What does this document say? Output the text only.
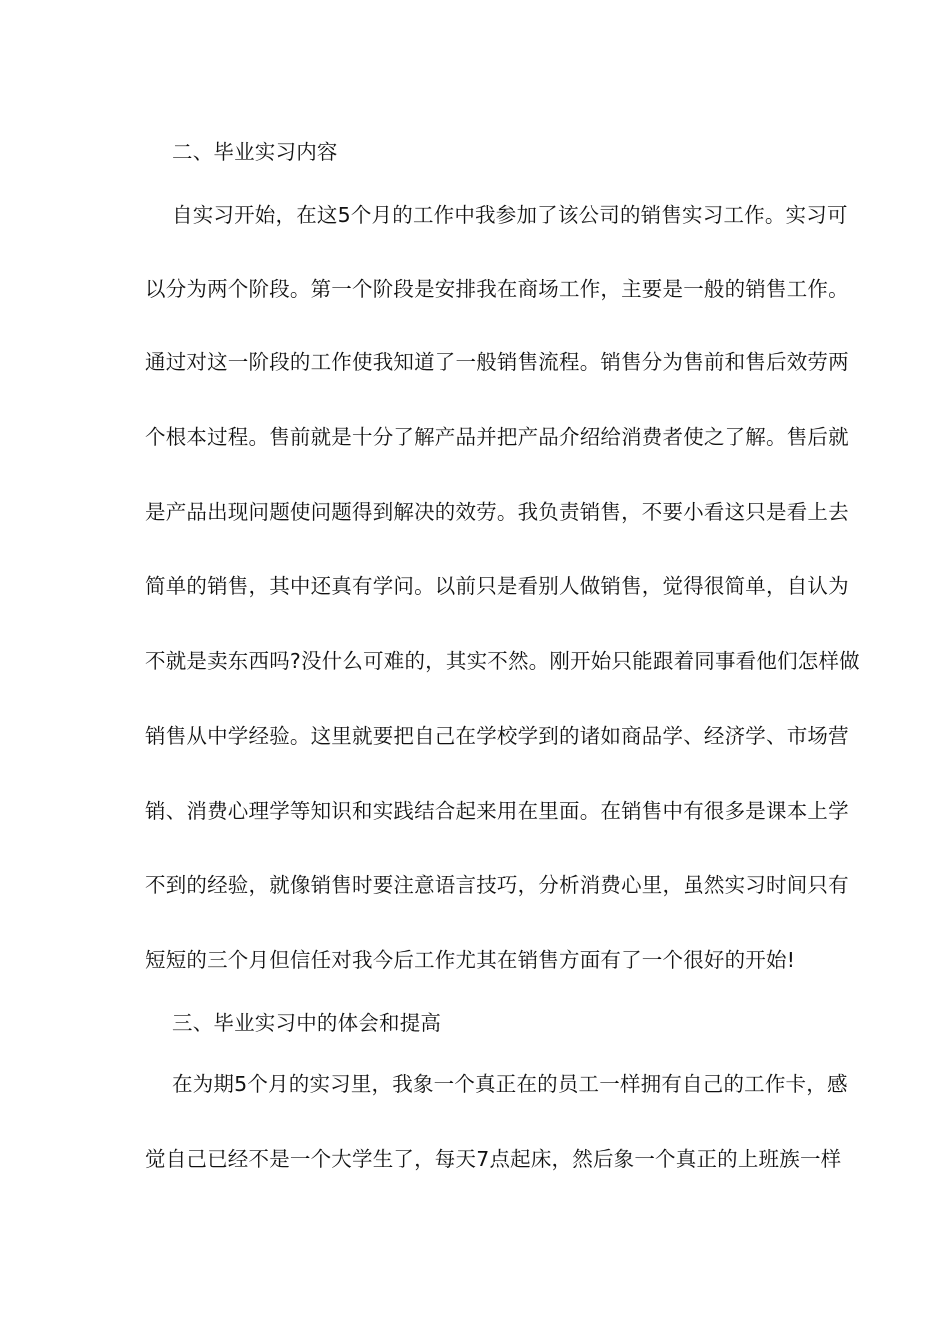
二、毕业实习内容
自实习开始，在这5个月的工作中我参加了该公司的销售实习工作。实习可
以分为两个阶段。第一个阶段是安排我在商场工作，主要是一般的销售工作。
通过对这一阶段的工作使我知道了一般销售流程。销售分为售前和售后效劳两
个根本过程。售前就是十分了解产品并把产品介绍给消费者使之了解。售后就
是产品出现问题使问题得到解决的效劳。我负责销售，不要小看这只是看上去
简单的销售，其中还真有学问。以前只是看别人做销售，觉得很简单，自认为
不就是卖东西吗?没什么可难的，其实不然。刚开始只能跟着同事看他们怎样做
销售从中学经验。这里就要把自己在学校学到的诸如商品学、经济学、市场营
销、消费心理学等知识和实践结合起来用在里面。在销售中有很多是课本上学
不到的经验，就像销售时要注意语言技巧，分析消费心里，虽然实习时间只有
短短的三个月但信任对我今后工作尤其在销售方面有了一个很好的开始!
三、毕业实习中的体会和提高
在为期5个月的实习里，我象一个真正在的员工一样拥有自己的工作卡，感
觉自己已经不是一个大学生了，每天7点起床，然后象一个真正的上班族一样
